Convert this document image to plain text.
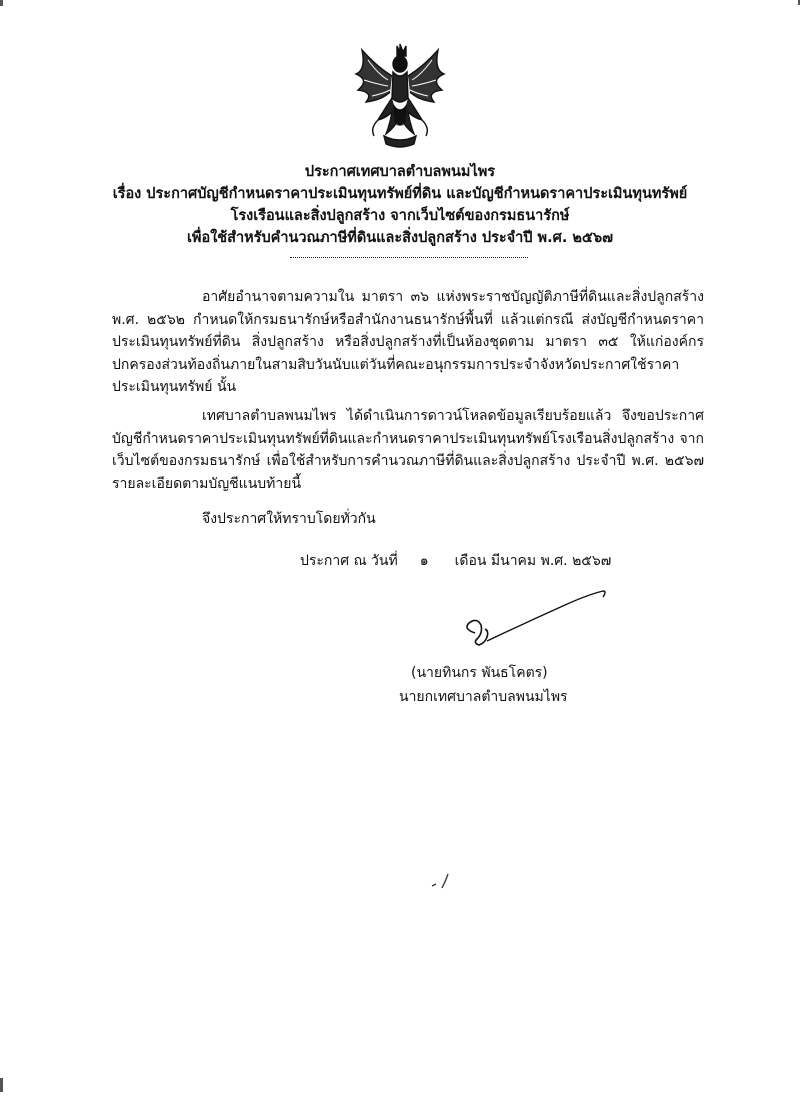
ประกาศเทศบาลตำบลพนมไพร
เรื่อง ประกาศบัญชีกำหนดราคาประเมินทุนทรัพย์ที่ดิน และบัญชีกำหนดราคาประเมินทุนทรัพย์
โรงเรือนและสิ่งปลูกสร้าง จากเว็บไซต์ของกรมธนารักษ์
เพื่อใช้สำหรับคำนวณภาษีที่ดินและสิ่งปลูกสร้าง ประจำปี พ.ศ. ๒๕๖๗
อาศัยอำนาจตามความใน มาตรา ๓๖ แห่งพระราชบัญญัติภาษีที่ดินและสิ่งปลูกสร้าง พ.ศ. ๒๕๖๒ กำหนดให้กรมธนารักษ์หรือสำนักงานธนารักษ์พื้นที่ แล้วแต่กรณี ส่งบัญชีกำหนดราคาประเมินทุนทรัพย์ที่ดิน สิ่งปลูกสร้าง หรือสิ่งปลูกสร้างที่เป็นห้องชุดตาม มาตรา ๓๕ ให้แก่องค์กรปกครองส่วนท้องถิ่นภายในสามสิบวันนับแต่วันที่คณะอนุกรรมการประจำจังหวัดประกาศใช้ราคาประเมินทุนทรัพย์ นั้น
เทศบาลตำบลพนมไพร ได้ดำเนินการดาวน์โหลดข้อมูลเรียบร้อยแล้ว จึงขอประกาศบัญชีกำหนดราคาประเมินทุนทรัพย์ที่ดินและกำหนดราคาประเมินทุนทรัพย์โรงเรือนสิ่งปลูกสร้าง จากเว็บไซต์ของกรมธนารักษ์ เพื่อใช้สำหรับการคำนวณภาษีที่ดินและสิ่งปลูกสร้าง ประจำปี พ.ศ. ๒๕๖๗ รายละเอียดตามบัญชีแนบท้ายนี้
จึงประกาศให้ทราบโดยทั่วกัน
ประกาศ ณ วันที่ ๑ เดือน มีนาคม พ.ศ. ๒๕๖๗
(นายทินกร พันธโคตร)
นายกเทศบาลตำบลพนมไพร
